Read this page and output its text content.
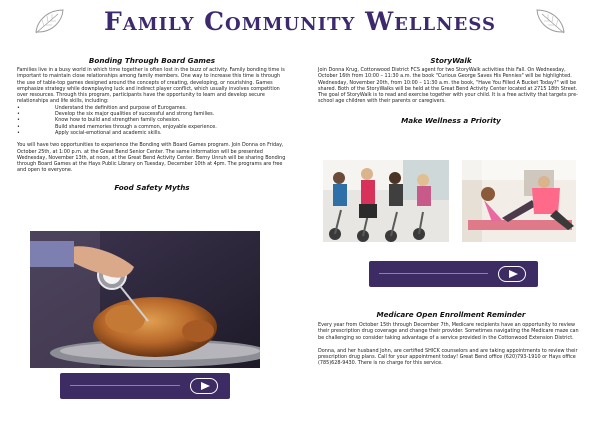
Family Community Wellness
Bonding Through Board Games

Families live in a busy world in which time together is often lost in the buzz of activity. Family bonding time is important to maintain close relationships among family members. One way to increase this time is through the use of table-top games designed around the concepts of creating, developing, or nourishing. Games emphasize strategy while downplaying luck and indirect player conflict, which usually involves competition over resources. Through this program, participants have the opportunity to learn and develop secure relationships and life skills, including:

• Understand the definition and purpose of Eurogames.
• Develop the six major qualities of successful and strong families.
• Know how to build and strengthen family cohesion.
• Build shared memories through a common, enjoyable experience.
• Apply social-emotional and academic skills.

You will have two opportunities to experience the Bonding with Board Games program. Join Donna on Friday, October 25th, at 1:00 p.m. at the Great Bend Senior Center. The same information will be presented Wednesday, November 13th, at noon, at the Great Bend Activity Center. Berny Unruh will be sharing Bonding through Board Games at the Hays Public Library on Tuesday, December 10th at 4pm. The programs are free and open to everyone.

Food Safety Myths
StoryWalk

Join Donna Krug, Cottonwood District FCS agent for two StoryWalk activities this Fall. On Wednesday, October 16th from 10:00 – 11:30 a.m. the book "Curious George Saves His Pennies" will be highlighted. Wednesday, November 20th, from 10:00 – 11:30 a.m. the book, "Have You Filled A Bucket Today?" will be shared. Both of the StoryWalks will be held at the Great Bend Activity Center located at 2715 18th Street. The goal of StoryWalk is to read and exercise together with your child. It is a free activity that targets pre-school age children with their parents or caregivers.

Make Wellness a Priority
Medicare Open Enrollment Reminder

Every year from October 15th through December 7th, Medicare recipients have an opportunity to review their prescription drug coverage and change their provider. Sometimes navigating the Medicare maze can be challenging so consider taking advantage of a service provided in the Cottonwood Extension District.

Donna, and her husband John, are certified SHICK counselors and are taking appointments to review their prescription drug plans. Call for your appointment today! Great Bend office (620)793-1910 or Hays office (785)628-9430. There is no charge for this service.
